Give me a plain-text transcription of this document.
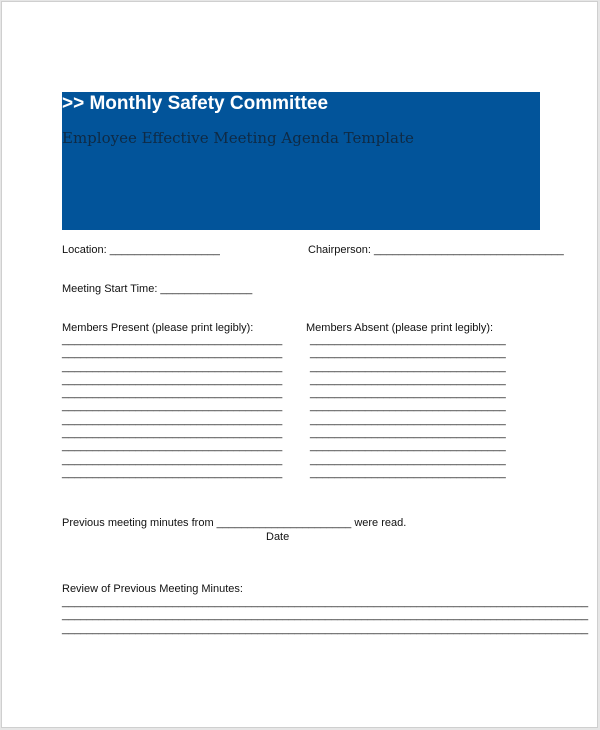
>> Monthly Safety Committee
Employee Effective Meeting Agenda Template
Location: __________________	Chairperson: _______________________________
Meeting Start Time: _______________
Members Present (please print legibly):	Members Absent (please print legibly):
____________________________________
____________________________________
____________________________________
____________________________________
____________________________________
____________________________________
____________________________________
____________________________________
____________________________________
____________________________________
____________________________________
________________________________
________________________________
________________________________
________________________________
________________________________
________________________________
________________________________
________________________________
________________________________
________________________________
________________________________
Previous meeting minutes from ______________________ were read.
Date
Review of Previous Meeting Minutes:
______________________________________________________________________________________
______________________________________________________________________________________
______________________________________________________________________________________
